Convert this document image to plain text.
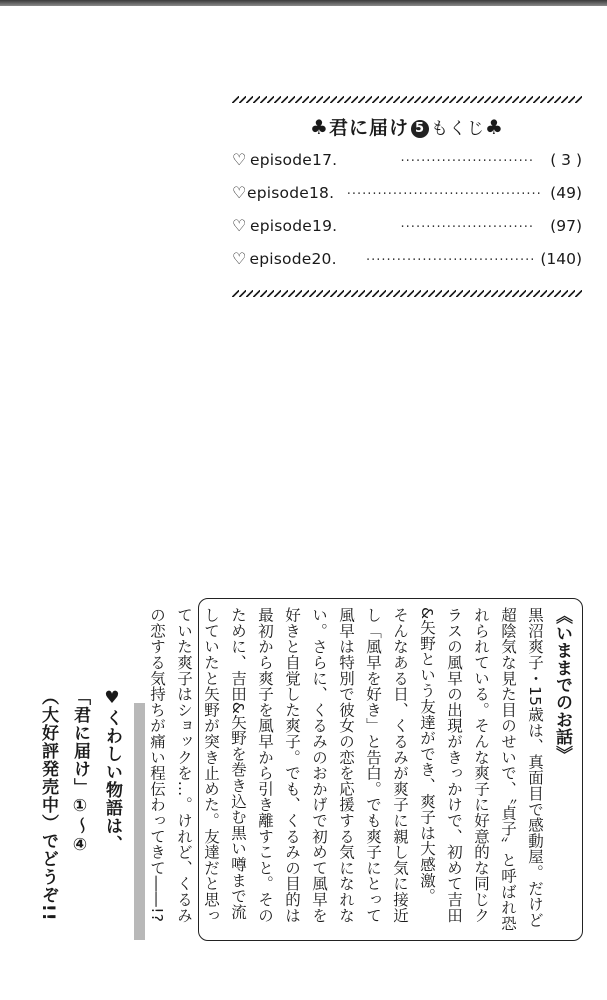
♣君に届け 5 もくじ♣
♡ episode17.	··························	( 3 )
♡ episode18. ······································ (49)
♡ episode19.	··························	(97)
♡ episode20.	································· (140)

《いままでのお話》

黒沼爽子・15歳は、真面目で感動屋。だけど超陰気な見た目のせいで、〝貞子〟と呼ばれ恐れられている。そんな爽子に好意的な同じクラスの風早の出現がきっかけで、初めて吉田&矢野という友達ができ、爽子は大感激。

そんなある日、くるみが爽子に親し気に接近し「風早を好き」と告白。でも爽子にとって風早は特別で彼女の恋を応援する気になれない。さらに、くるみのおかげで初めて風早を好きと自覚した爽子。でも、くるみの目的は最初から爽子を風早から引き離すこと。そのために、吉田&矢野を巻き込む黒い噂まで流していたと矢野が突き止めた。友達だと思っていた爽子はショックを…。けれど、くるみの恋する気持ちが痛い程伝わってきて――!?

♥ くわしい物語は、
「君に届け」①～④
（大好評発売中）でどうぞ!!
